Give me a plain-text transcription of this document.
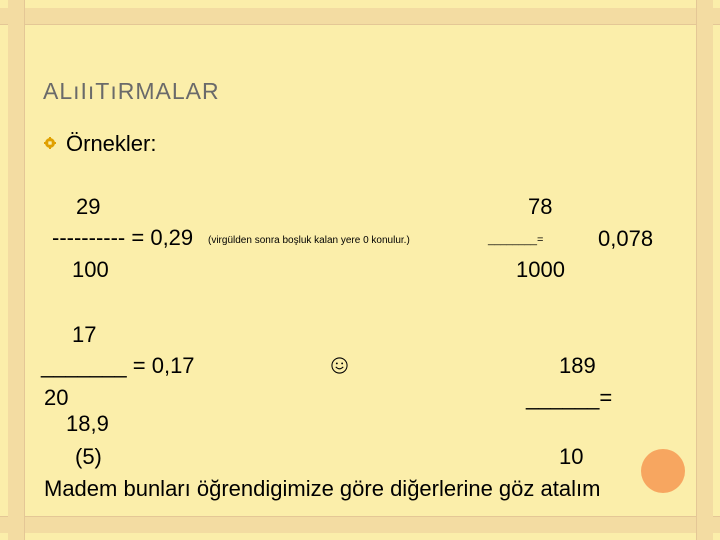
ALıIıTıRMALAR
Örnekler:
29
---------- = 0,29 (virgülden sonra boşluk kalan yere 0 konulur.)
100
78
________= 0,078
1000
17
_______ = 0,17
20
189
______=
10
18,9
(5)
Madem bunları öğrendigimize göre diğerlerine göz atalım
